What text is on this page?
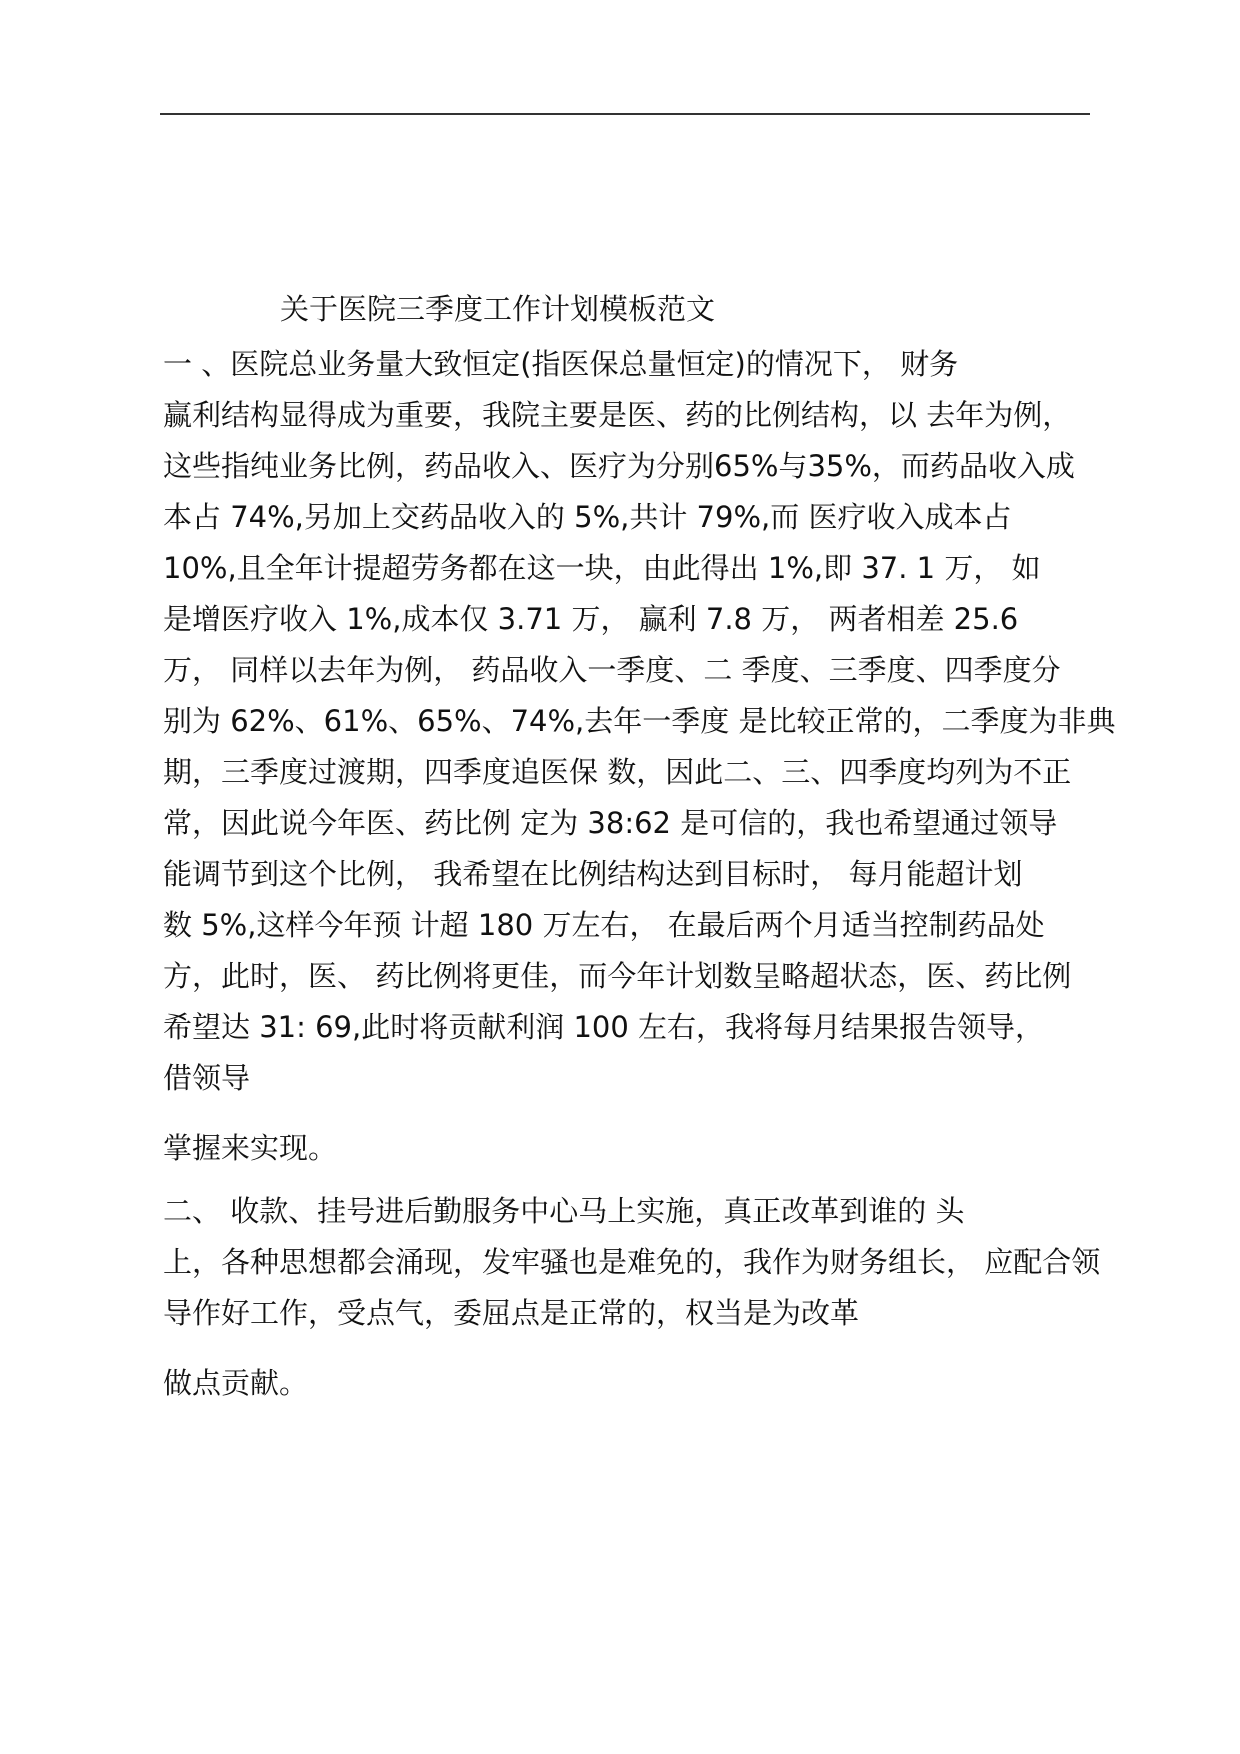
关于医院三季度工作计划模板范文
一 、医院总业务量大致恒定(指医保总量恒定)的情况下， 财务
赢利结构显得成为重要，我院主要是医、药的比例结构，以 去年为例，
这些指纯业务比例，药品收入、医疗为分别65%与35%，而药品收入成
本占 74%,另加上交药品收入的 5%,共计 79%,而 医疗收入成本占
10%,且全年计提超劳务都在这一块，由此得出 1%,即 37. 1 万， 如
是增医疗收入 1%,成本仅 3.71 万， 赢利 7.8 万， 两者相差 25.6
万， 同样以去年为例， 药品收入一季度、二 季度、三季度、四季度分
别为 62%、61%、65%、74%,去年一季度 是比较正常的，二季度为非典
期，三季度过渡期，四季度追医保 数，因此二、三、四季度均列为不正
常，因此说今年医、药比例 定为 38:62 是可信的，我也希望通过领导
能调节到这个比例， 我希望在比例结构达到目标时， 每月能超计划
数 5%,这样今年预 计超 180 万左右， 在最后两个月适当控制药品处
方，此时，医、 药比例将更佳，而今年计划数呈略超状态，医、药比例
希望达 31: 69,此时将贡献利润 100 左右，我将每月结果报告领导，
借领导
掌握来实现。
二、 收款、挂号进后勤服务中心马上实施，真正改革到谁的 头
上，各种思想都会涌现，发牢骚也是难免的，我作为财务组长， 应配合领
导作好工作，受点气，委屈点是正常的，权当是为改革
做点贡献。
